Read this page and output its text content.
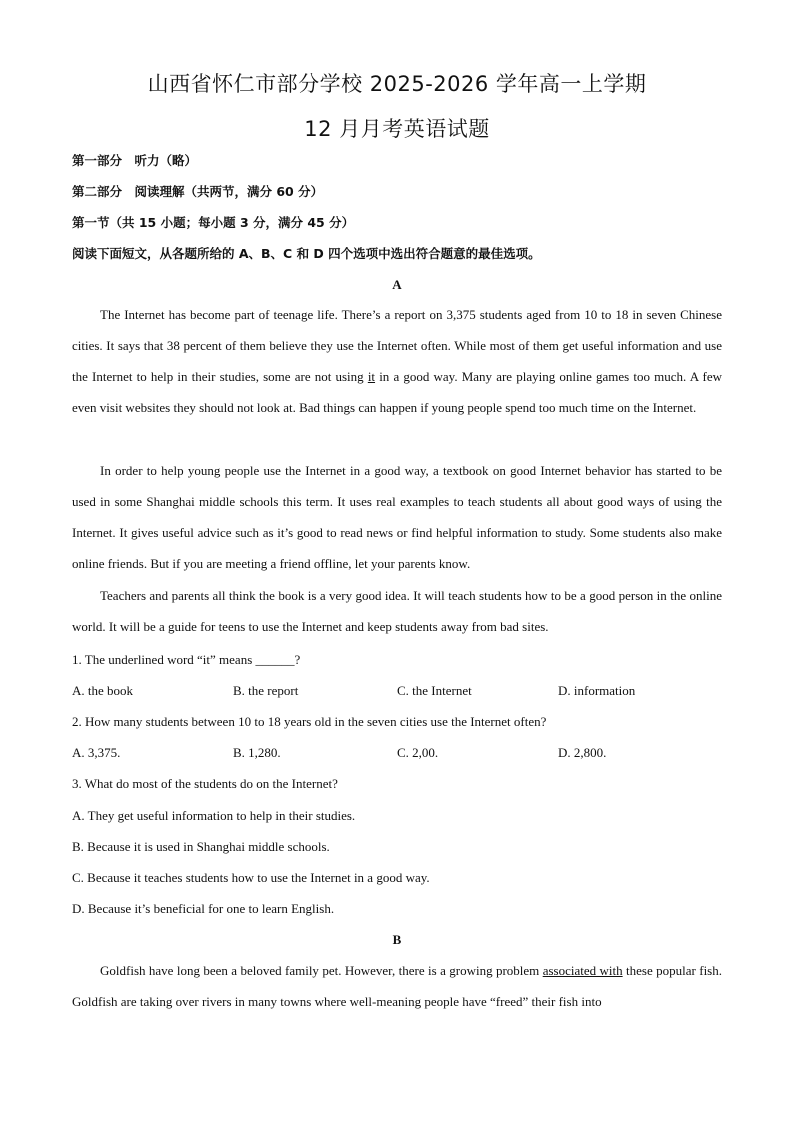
山西省怀仁市部分学校 2025-2026 学年高一上学期
12 月月考英语试题
第一部分　听力（略）
第二部分　阅读理解（共两节，满分 60 分）
第一节（共 15 小题；每小题 3 分，满分 45 分）
阅读下面短文，从各题所给的 A、B、C 和 D 四个选项中选出符合题意的最佳选项。
A
The Internet has become part of teenage life. There’s a report on 3,375 students aged from 10 to 18 in seven Chinese cities. It says that 38 percent of them believe they use the Internet often. While most of them get useful information and use the Internet to help in their studies, some are not using it in a good way. Many are playing online games too much. A few even visit websites they should not look at. Bad things can happen if young people spend too much time on the Internet.
In order to help young people use the Internet in a good way, a textbook on good Internet behavior has started to be used in some Shanghai middle schools this term. It uses real examples to teach students all about good ways of using the Internet. It gives useful advice such as it’s good to read news or find helpful information to study. Some students also make online friends. But if you are meeting a friend offline, let your parents know.
Teachers and parents all think the book is a very good idea. It will teach students how to be a good person in the online world. It will be a guide for teens to use the Internet and keep students away from bad sites.
1. The underlined word “it” means ______?
A. the book	B. the report	C. the Internet	D. information
2. How many students between 10 to 18 years old in the seven cities use the Internet often?
A. 3,375.	B. 1,280.	C. 2,00.	D. 2,800.
3. What do most of the students do on the Internet?
A. They get useful information to help in their studies.
B. Because it is used in Shanghai middle schools.
C. Because it teaches students how to use the Internet in a good way.
D. Because it’s beneficial for one to learn English.
B
Goldfish have long been a beloved family pet. However, there is a growing problem associated with these popular fish. Goldfish are taking over rivers in many towns where well-meaning people have “freed” their fish into
